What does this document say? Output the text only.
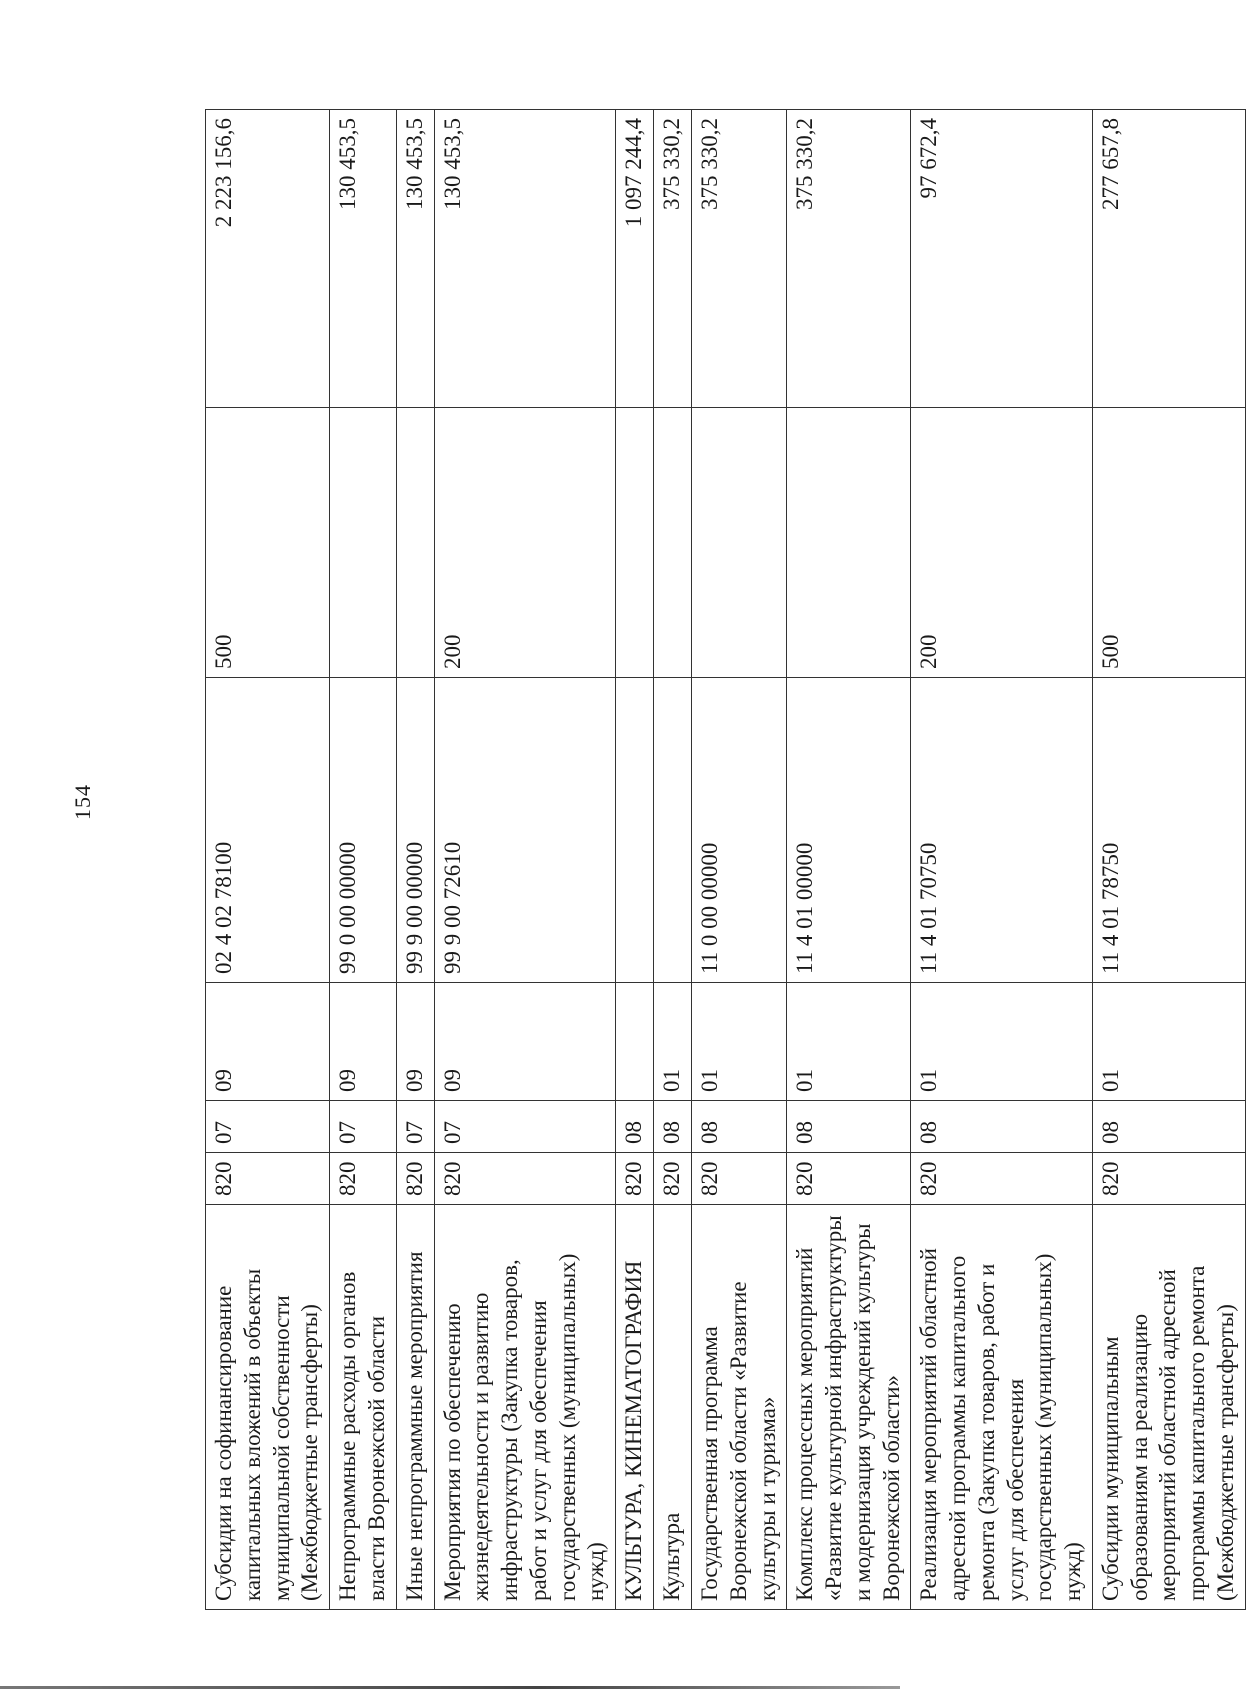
154
Субсидии на софинансирование капитальных вложений в объекты муниципальной собственности (Межбюджетные трансферты)	820	07	09	02 4 02 78100	500	2 223 156,6
Непрограммные расходы органов власти Воронежской области	820	07	09	99 0 00 00000		130 453,5
Иные непрограммные мероприятия	820	07	09	99 9 00 00000		130 453,5
Мероприятия по обеспечению жизнедеятельности и развитию инфраструктуры (Закупка товаров, работ и услуг для обеспечения государственных (муниципальных) нужд)	820	07	09	99 9 00 72610	200	130 453,5
КУЛЬТУРА, КИНЕМАТОГРАФИЯ	820	08				1 097 244,4
Культура	820	08	01			375 330,2
Государственная программа Воронежской области «Развитие культуры и туризма»	820	08	01	11 0 00 00000		375 330,2
Комплекс процессных мероприятий «Развитие культурной инфраструктуры и модернизация учреждений культуры Воронежской области»	820	08	01	11 4 01 00000		375 330,2
Реализация мероприятий областной адресной программы капитального ремонта (Закупка товаров, работ и услуг для обеспечения государственных (муниципальных) нужд)	820	08	01	11 4 01 70750	200	97 672,4
Субсидии муниципальным образованиям на реализацию мероприятий областной адресной программы капитального ремонта (Межбюджетные трансферты)	820	08	01	11 4 01 78750	500	277 657,8
